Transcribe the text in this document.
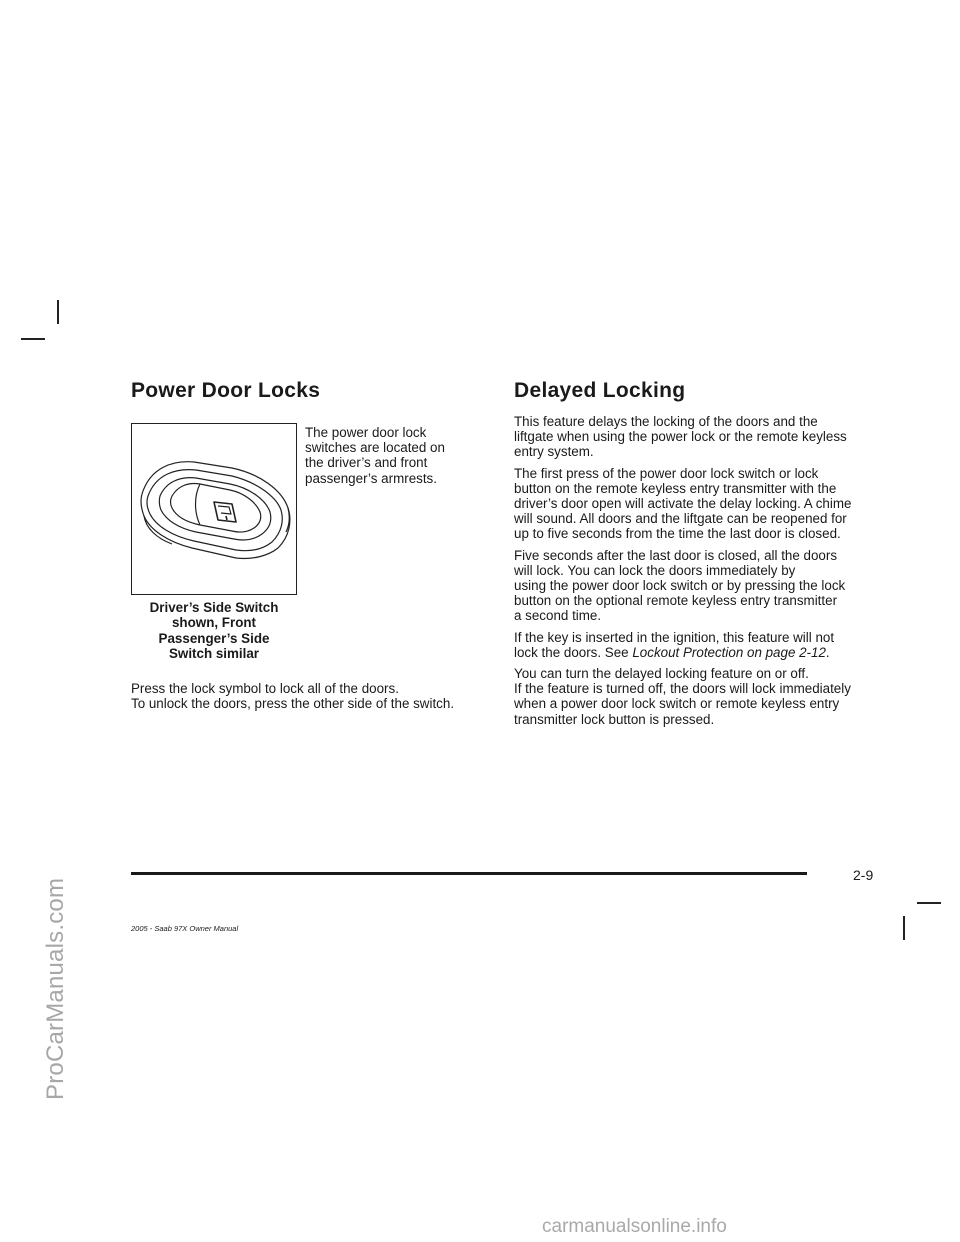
ProCarManuals.com
carmanualsonline.info
Power Door Locks
The power door lock
switches are located on
the driver’s and front
passenger’s armrests.
Driver’s Side Switch
shown, Front
Passenger’s Side
Switch similar
Press the lock symbol to lock all of the doors.
To unlock the doors, press the other side of the switch.
Delayed Locking

This feature delays the locking of the doors and the
liftgate when using the power lock or the remote keyless
entry system.

The first press of the power door lock switch or lock
button on the remote keyless entry transmitter with the
driver’s door open will activate the delay locking. A chime
will sound. All doors and the liftgate can be reopened for
up to five seconds from the time the last door is closed.

Five seconds after the last door is closed, all the doors
will lock. You can lock the doors immediately by
using the power door lock switch or by pressing the lock
button on the optional remote keyless entry transmitter
a second time.

If the key is inserted in the ignition, this feature will not
lock the doors. See Lockout Protection on page 2-12.

You can turn the delayed locking feature on or off.
If the feature is turned off, the doors will lock immediately
when a power door lock switch or remote keyless entry
transmitter lock button is pressed.

2-9
2005 - Saab 97X Owner Manual
